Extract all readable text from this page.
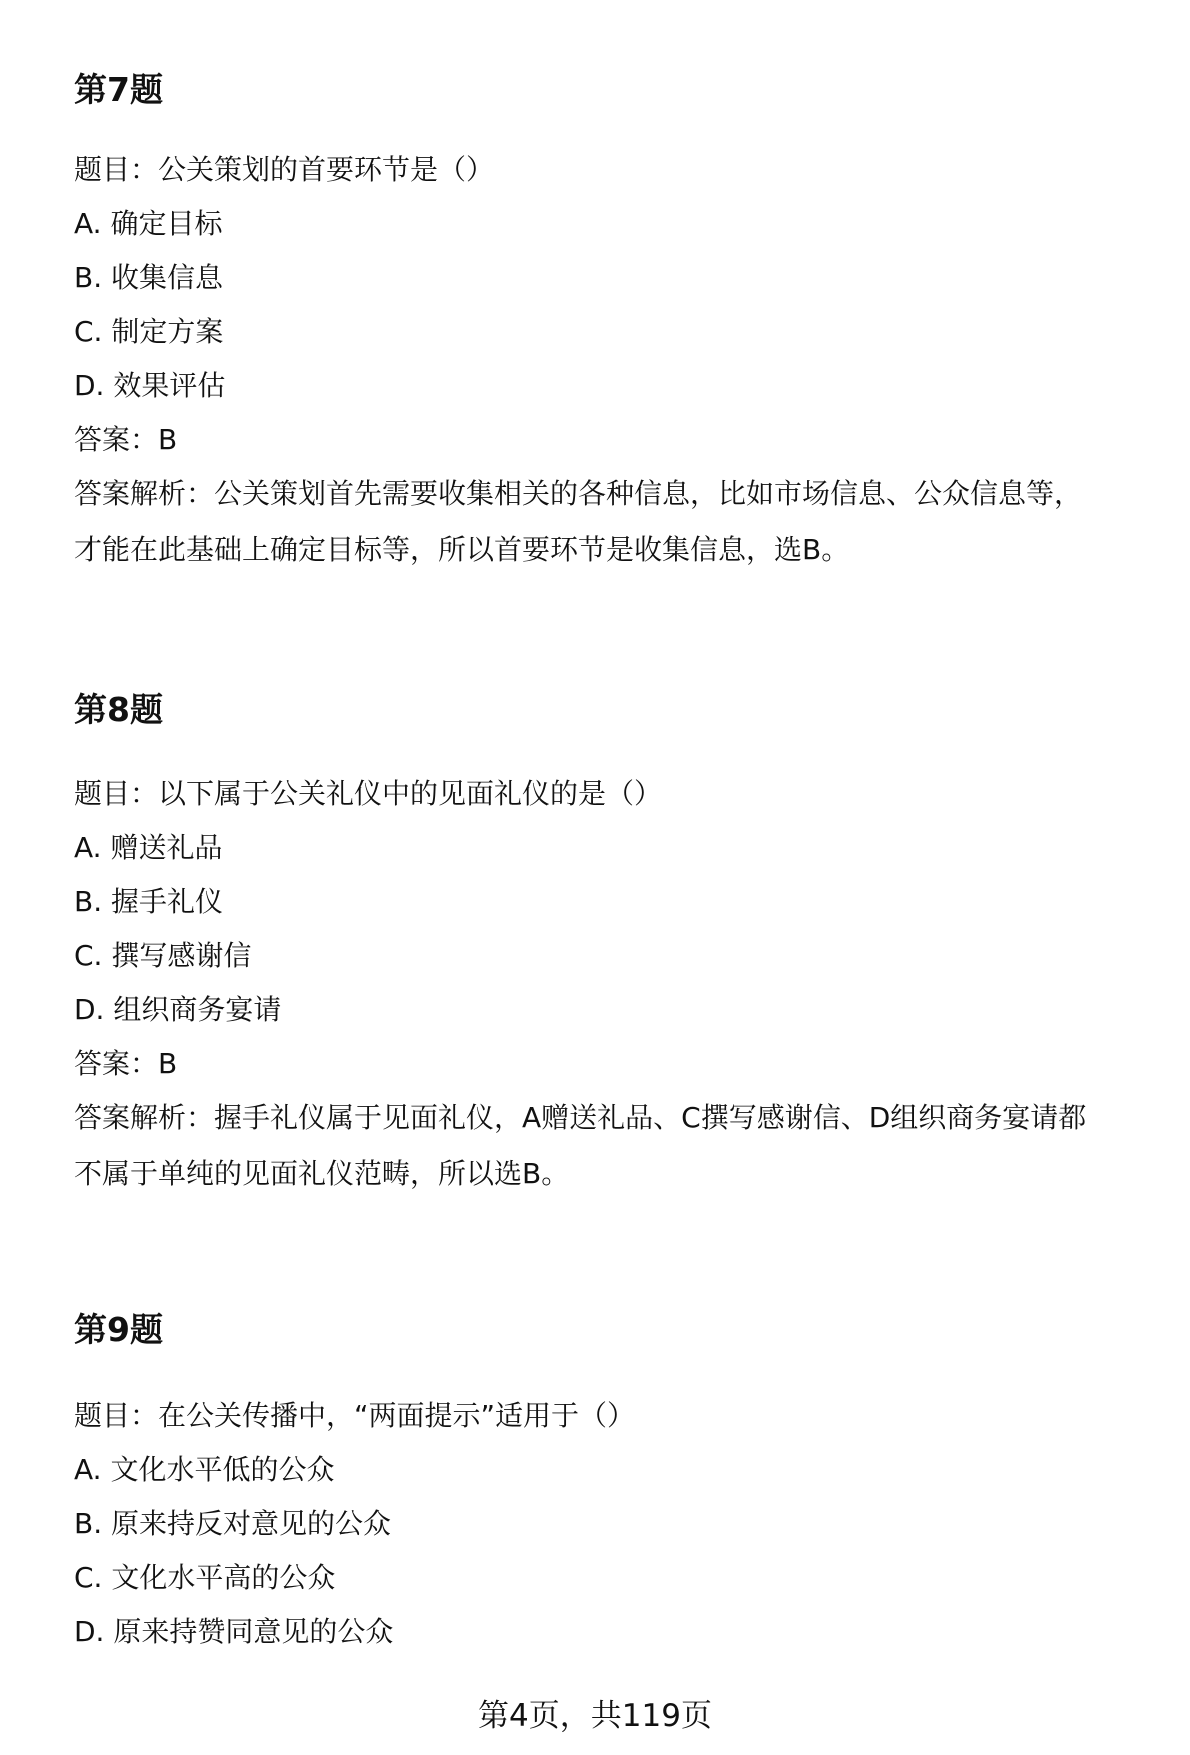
第7题
题目：公关策划的首要环节是（）
A. 确定目标
B. 收集信息
C. 制定方案
D. 效果评估
答案：B
答案解析：公关策划首先需要收集相关的各种信息，比如市场信息、公众信息等，
才能在此基础上确定目标等，所以首要环节是收集信息，选B。
第8题
题目：以下属于公关礼仪中的见面礼仪的是（）
A. 赠送礼品
B. 握手礼仪
C. 撰写感谢信
D. 组织商务宴请
答案：B
答案解析：握手礼仪属于见面礼仪，A赠送礼品、C撰写感谢信、D组织商务宴请都
不属于单纯的见面礼仪范畴，所以选B。
第9题
题目：在公关传播中，“两面提示”适用于（）
A. 文化水平低的公众
B. 原来持反对意见的公众
C. 文化水平高的公众
D. 原来持赞同意见的公众
第4页，共119页
